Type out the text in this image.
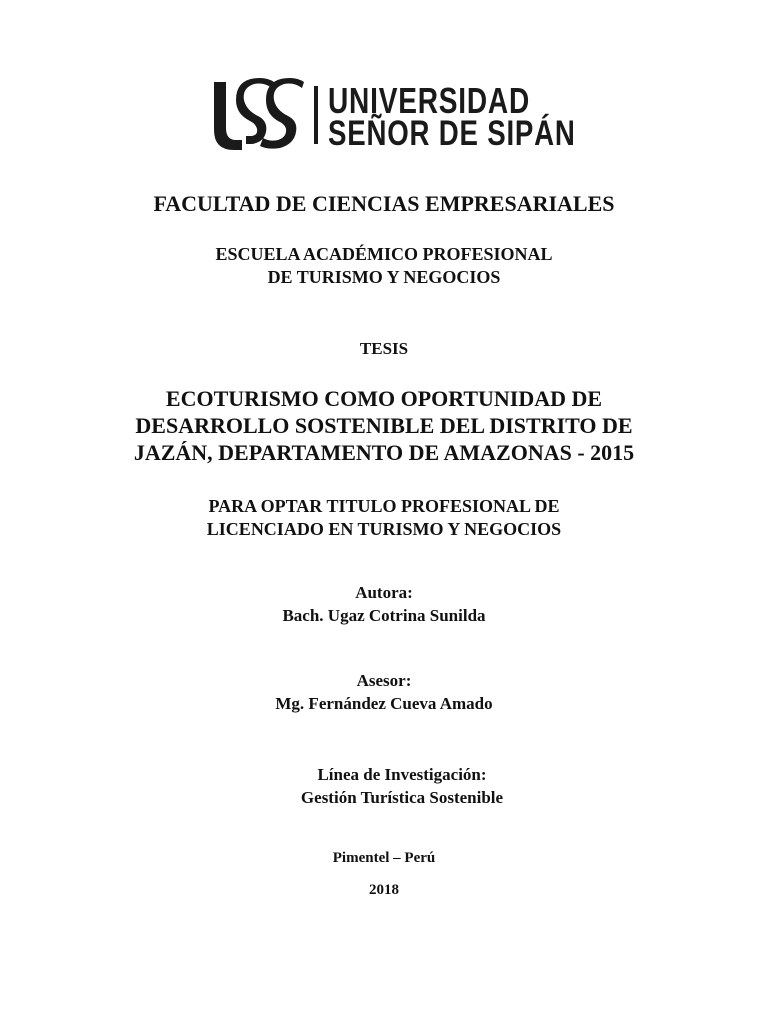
UNIVERSIDAD
SEÑOR DE SIPÁN
FACULTAD DE CIENCIAS EMPRESARIALES
ESCUELA ACADÉMICO PROFESIONAL
DE TURISMO Y NEGOCIOS
TESIS
ECOTURISMO COMO OPORTUNIDAD DE
DESARROLLO SOSTENIBLE DEL DISTRITO DE
JAZÁN, DEPARTAMENTO DE AMAZONAS - 2015
PARA OPTAR TITULO PROFESIONAL DE
LICENCIADO EN TURISMO Y NEGOCIOS
Autora:
Bach. Ugaz Cotrina Sunilda
Asesor:
Mg. Fernández Cueva Amado
Línea de Investigación:
Gestión Turística Sostenible
Pimentel – Perú
2018
